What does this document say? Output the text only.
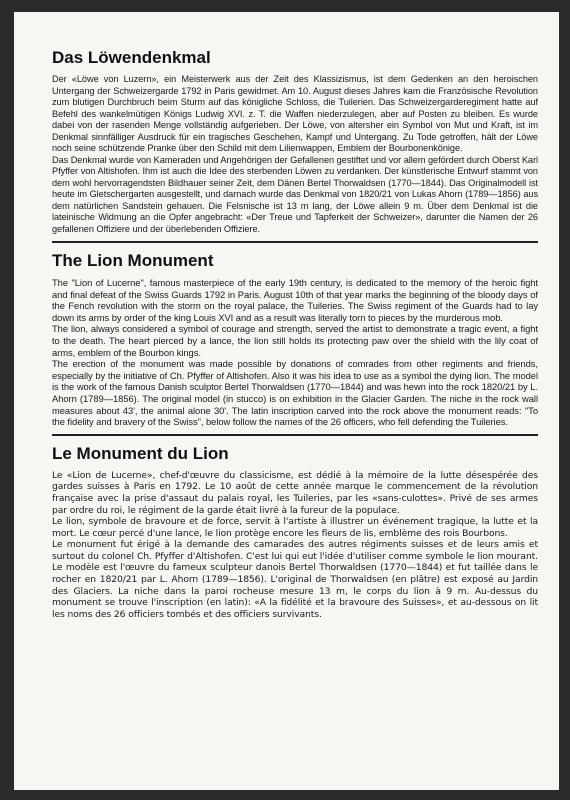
Das Löwendenkmal

Der «Löwe von Luzern», ein Meisterwerk aus der Zeit des Klassizismus, ist dem Gedenken an den heroischen Untergang der Schweizergarde 1792 in Paris gewidmet. Am 10. August dieses Jahres kam die Französische Revolution zum blutigen Durchbruch beim Sturm auf das königliche Schloss, die Tuilerien. Das Schweizergarderegiment hatte auf Befehl des wankelmütigen Königs Ludwig XVI. z. T. die Waffen niederzulegen, aber auf Posten zu bleiben. Es wurde dabei von der rasenden Menge vollständig aufgerieben. Der Löwe, von altersher ein Symbol von Mut und Kraft, ist im Denkmal sinnfälliger Ausdruck für ein tragisches Geschehen, Kampf und Untergang. Zu Tode getroffen, hält der Löwe noch seine schützende Pranke über den Schild mit dem Lilienwappen, Emblem der Bourbonenkönige.

Das Denkmal wurde von Kameraden und Angehörigen der Gefallenen gestiftet und vor allem gefördert durch Oberst Karl Pfyffer von Altishofen. Ihm ist auch die Idee des sterbenden Löwen zu verdanken. Der künstlerische Entwurf stammt von dem wohl hervorragendsten Bildhauer seiner Zeit, dem Dänen Bertel Thorwaldsen (1770—1844). Das Originalmodell ist heute im Gletschergarten ausgestellt, und darnach wurde das Denkmal von 1820/21 von Lukas Ahorn (1789—1856) aus dem natürlichen Sandstein gehauen. Die Felsnische ist 13 m lang, der Löwe allein 9 m. Über dem Denkmal ist die lateinische Widmung an die Opfer angebracht: «Der Treue und Tapferkeit der Schweizer», darunter die Namen der 26 gefallenen Offiziere und der überlebenden Offiziere.

The Lion Monument

The "Lion of Lucerne", famous masterpiece of the early 19th century, is dedicated to the memory of the heroic fight and final defeat of the Swiss Guards 1792 in Paris. August 10th of that year marks the beginning of the bloody days of the Fench revolution with the storm on the royal palace, the Tuileries. The Swiss regiment of the Guards had to lay down its arms by order of the king Louis XVI and as a result was literally torn to pieces by the murderous mob.

The lion, always considered a symbol of courage and strength, served the artist to demonstrate a tragic event, a fight to the death. The heart pierced by a lance, the lion still holds its protecting paw over the shield with the lily coat of arms, emblem of the Bourbon kings.

The erection of the monument was made possible by donations of comrades from other regiments and friends, especially by the initiative of Ch. Pfyffer of Altishofen. Also it was his idea to use as a symbol the dying lion. The model is the work of the famous Danish sculptor Bertel Thorwaldsen (1770—1844) and was hewn into the rock 1820/21 by L. Ahorn (1789—1856). The original model (in stucco) is on exhibition in the Glacier Garden. The niche in the rock wall measures about 43', the animal alone 30'. The latin inscription carved into the rock above the monument reads: "To the fidelity and bravery of the Swiss", below follow the names of the 26 officers, who fell defending the Tuileries.

Le Monument du Lion

Le «Lion de Lucerne», chef-d'œuvre du classicisme, est dédié à la mémoire de la lutte désespérée des gardes suisses à Paris en 1792. Le 10 août de cette année marque le commencement de la révolution française avec la prise d'assaut du palais royal, les Tuileries, par les «sans-culottes». Privé de ses armes par ordre du roi, le régiment de la garde était livré à la fureur de la populace.

Le lion, symbole de bravoure et de force, servit à l'artiste à illustrer un événement tragique, la lutte et la mort. Le cœur percé d'une lance, le lion protège encore les fleurs de lis, emblème des rois Bourbons.

Le monument fut érigé à la demande des camarades des autres régiments suisses et de leurs amis et surtout du colonel Ch. Pfyffer d'Altishofen. C'est lui qui eut l'idée d'utiliser comme symbole le lion mourant. Le modèle est l'œuvre du fameux sculpteur danois Bertel Thorwaldsen (1770—1844) et fut taillée dans le rocher en 1820/21 par L. Ahorn (1789—1856). L'original de Thorwaldsen (en plâtre) est exposé au Jardin des Glaciers. La niche dans la paroi rocheuse mesure 13 m, le corps du lion à 9 m. Au-dessus du monument se trouve l'inscription (en latin): «A la fidélité et la bravoure des Suisses», et au-dessous on lit les noms des 26 officiers tombés et des officiers survivants.
